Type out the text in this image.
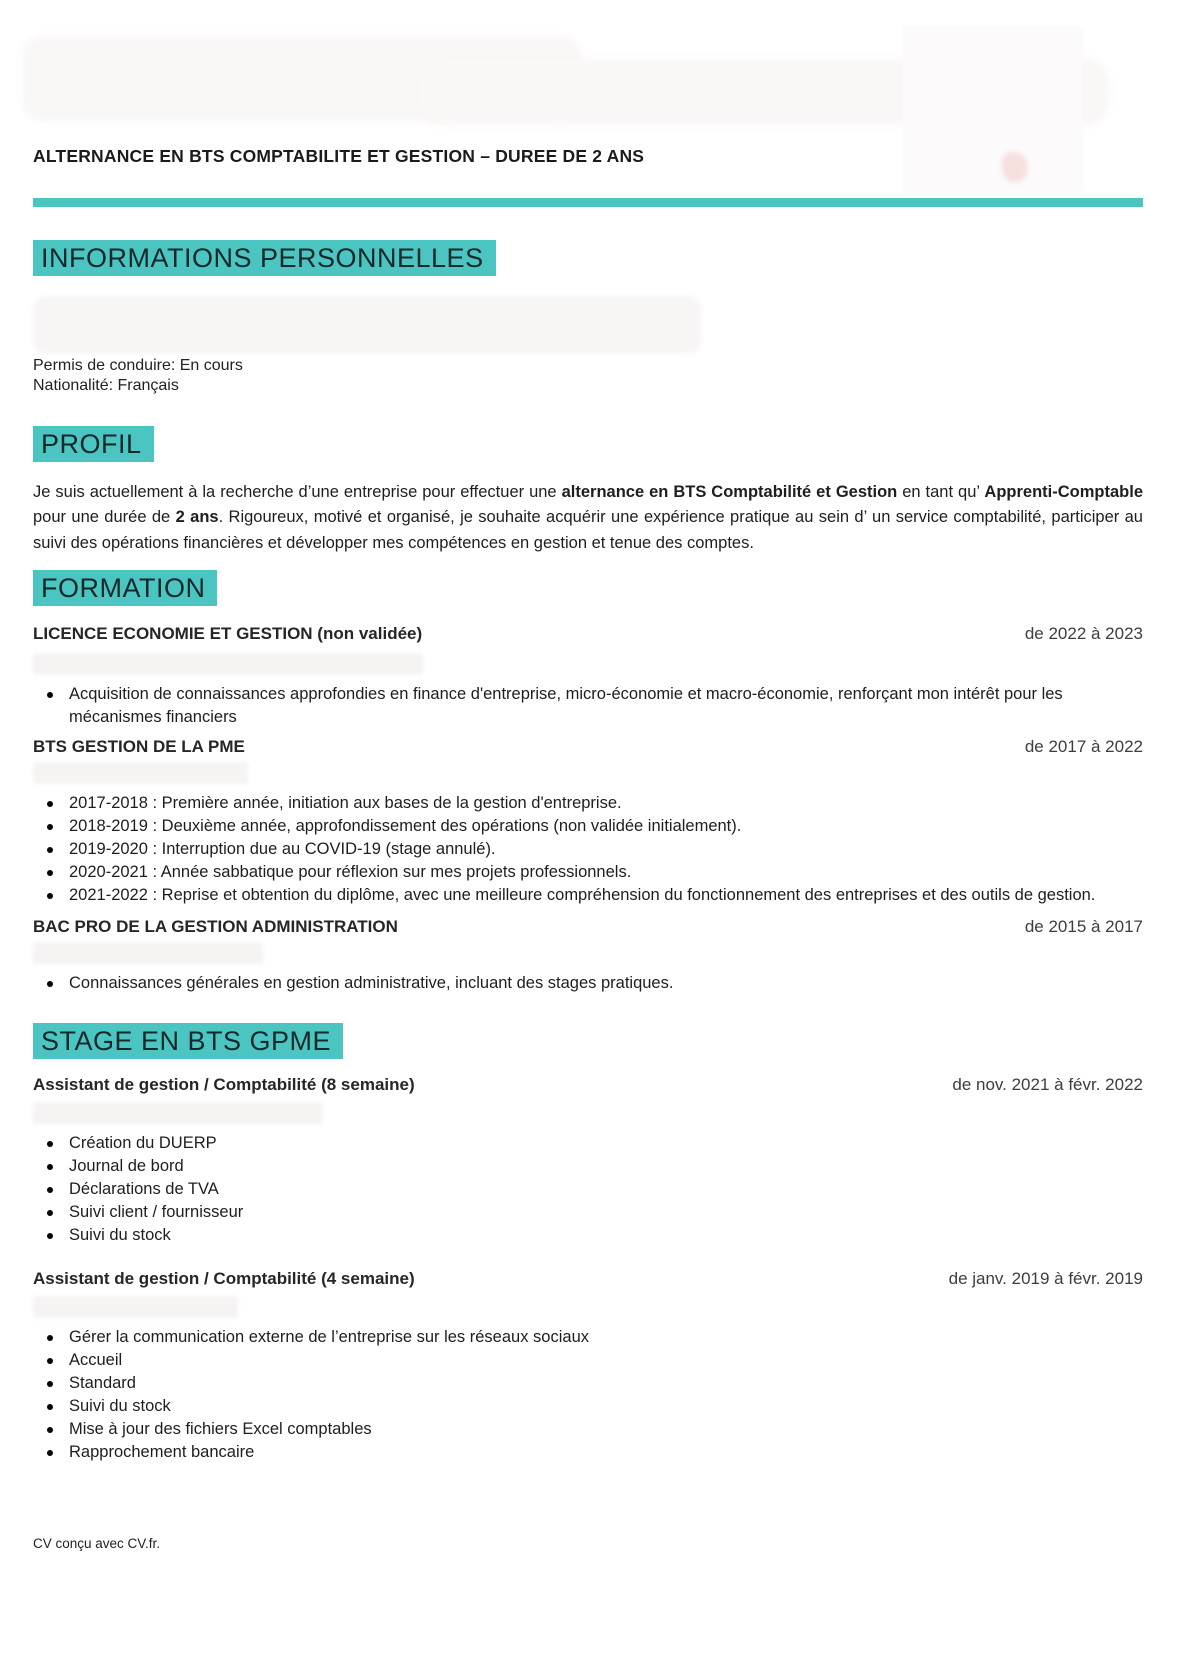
ALTERNANCE EN BTS COMPTABILITE ET GESTION – DUREE DE 2 ANS
INFORMATIONS PERSONNELLES
Permis de conduire: En cours
Nationalité: Français
PROFIL
Je suis actuellement à la recherche d’une entreprise pour effectuer une alternance en BTS Comptabilité et Gestion en tant qu’ Apprenti-Comptable pour une durée de 2 ans. Rigoureux, motivé et organisé, je souhaite acquérir une expérience pratique au sein d’ un service comptabilité, participer au suivi des opérations financières et développer mes compétences en gestion et tenue des comptes.
FORMATION
LICENCE ECONOMIE ET GESTION (non validée)	de 2022 à 2023
Acquisition de connaissances approfondies en finance d'entreprise, micro-économie et macro-économie, renforçant mon intérêt pour les mécanismes financiers
BTS GESTION DE LA PME	de 2017 à 2022
2017-2018 : Première année, initiation aux bases de la gestion d'entreprise.
2018-2019 : Deuxième année, approfondissement des opérations (non validée initialement).
2019-2020 : Interruption due au COVID-19 (stage annulé).
2020-2021 : Année sabbatique pour réflexion sur mes projets professionnels.
2021-2022 : Reprise et obtention du diplôme, avec une meilleure compréhension du fonctionnement des entreprises et des outils de gestion.
BAC PRO DE LA GESTION ADMINISTRATION	de 2015 à 2017
Connaissances générales en gestion administrative, incluant des stages pratiques.
STAGE EN BTS GPME
Assistant de gestion / Comptabilité (8 semaine)	de nov. 2021 à févr. 2022
Création du DUERP
Journal de bord
Déclarations de TVA
Suivi client / fournisseur
Suivi du stock
Assistant de gestion / Comptabilité (4 semaine)	de janv. 2019 à févr. 2019
Gérer la communication externe de l’entreprise sur les réseaux sociaux
Accueil
Standard
Suivi du stock
Mise à jour des fichiers Excel comptables
Rapprochement bancaire
CV conçu avec CV.fr.
